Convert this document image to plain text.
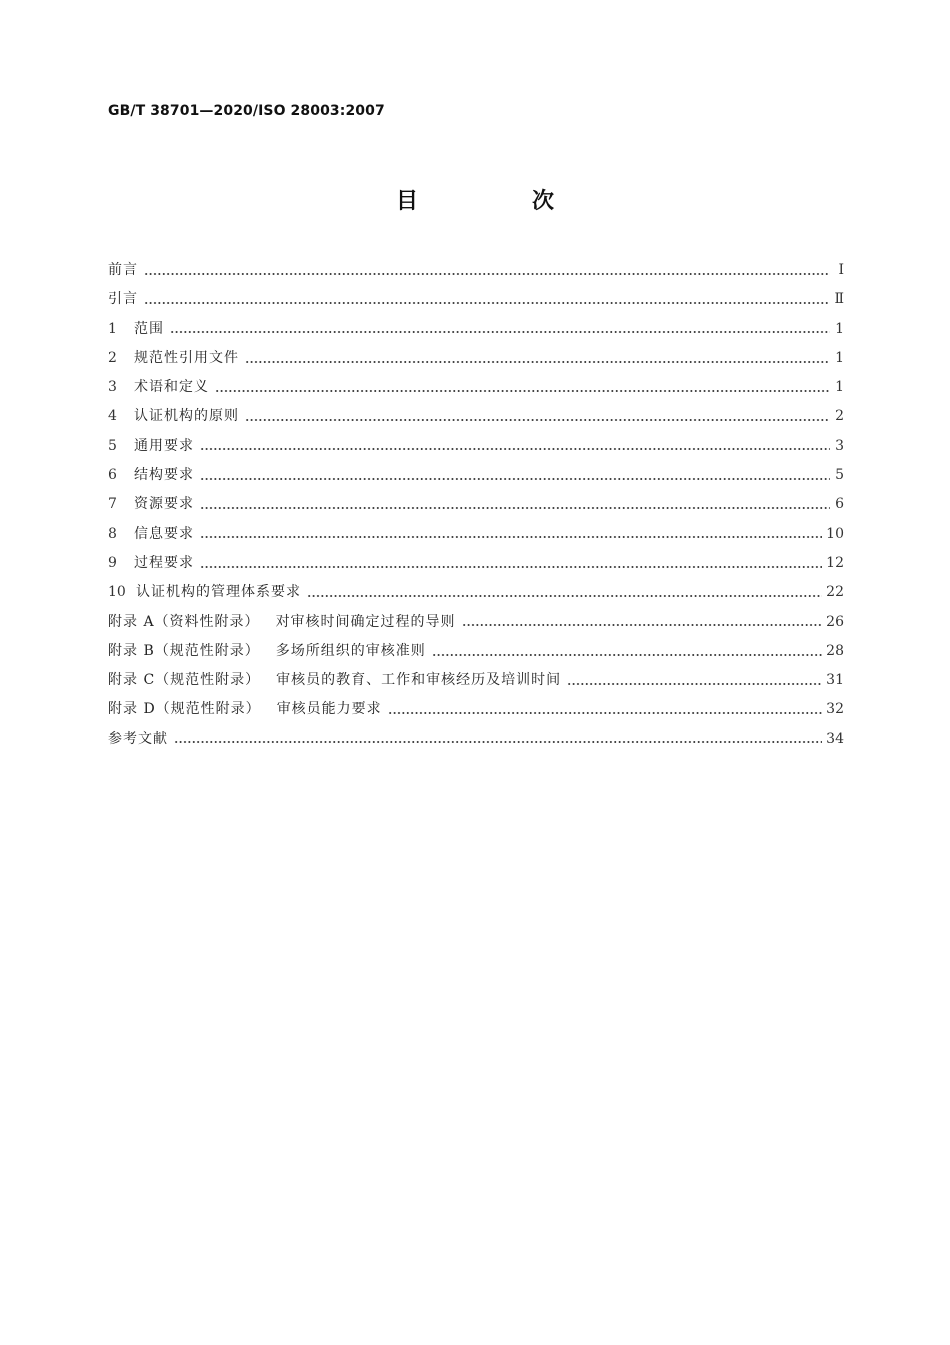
GB/T 38701—2020/ISO 28003:2007
目　次
前言	Ⅰ
引言	Ⅱ
1	范围	1
2	规范性引用文件	1
3	术语和定义	1
4	认证机构的原则	2
5	通用要求	3
6	结构要求	5
7	资源要求	6
8	信息要求	10
9	过程要求	12
10 认证机构的管理体系要求	22
附录 A（资料性附录） 对审核时间确定过程的导则	26
附录 B（规范性附录） 多场所组织的审核准则	28
附录 C（规范性附录） 审核员的教育、工作和审核经历及培训时间	31
附录 D（规范性附录） 审核员能力要求	32
参考文献	34
